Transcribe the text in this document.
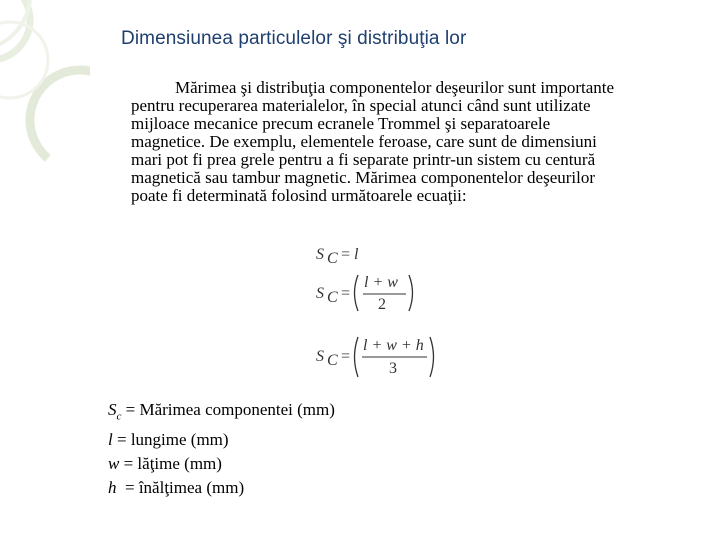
Dimensiunea particulelor şi distribuţia lor
Mărimea şi distribuţia componentelor deşeurilor sunt importante
pentru recuperarea materialelor, în special atunci când sunt utilizate
mijloace mecanice precum ecranele Trommel şi separatoarele
magnetice. De exemplu, elementele feroase, care sunt de dimensiuni
mari pot fi prea grele pentru a fi separate printr-un sistem cu centură
magnetică sau tambur magnetic. Mărimea componentelor deşeurilor
poate fi determinată folosind următoarele ecuaţii:
S C = l
S C =
l + w
2
S C =
l + w + h
3
$S_c$ = Mărimea componentei (mm)
l = lungime (mm)
w = lăţime (mm)
h  = înălţimea (mm)
